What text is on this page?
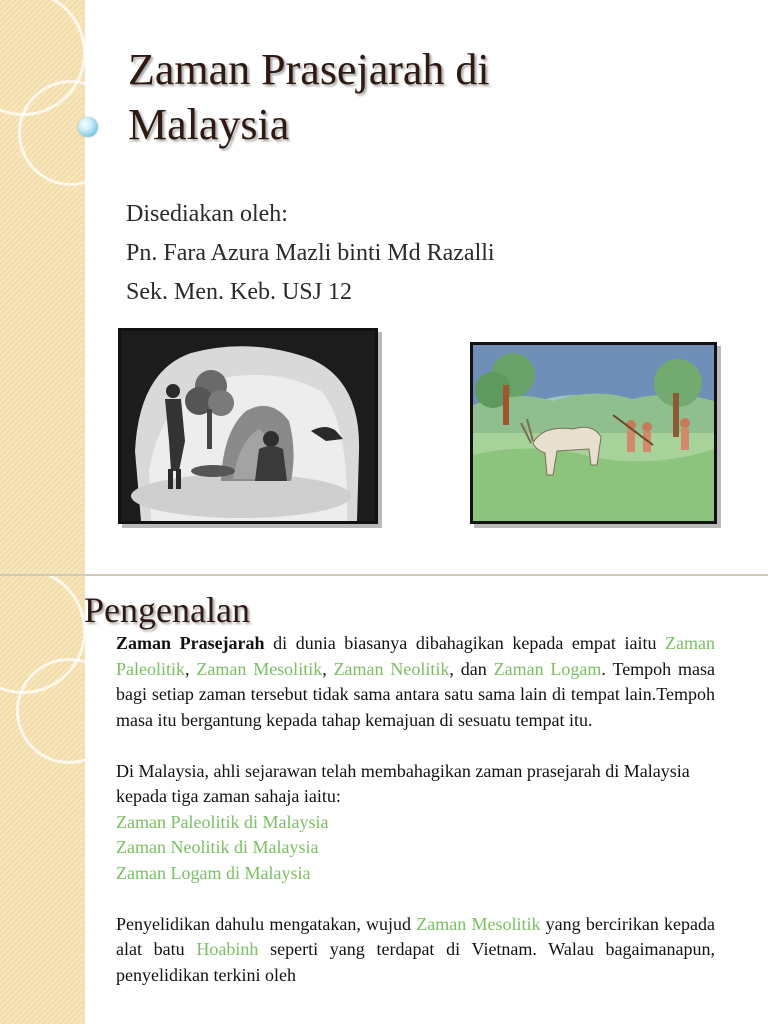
Zaman Prasejarah di
Malaysia
Disediakan oleh:
Pn. Fara Azura Mazli binti Md Razalli
Sek. Men. Keb. USJ 12
Pengenalan

Zaman Prasejarah di dunia biasanya dibahagikan kepada empat iaitu Zaman Paleolitik, Zaman Mesolitik, Zaman Neolitik, dan Zaman Logam. Tempoh masa bagi setiap zaman tersebut tidak sama antara satu sama lain di tempat lain.Tempoh masa itu bergantung kepada tahap kemajuan di sesuatu tempat itu.

Di Malaysia, ahli sejarawan telah membahagikan zaman prasejarah di Malaysia kepada tiga zaman sahaja iaitu:

Zaman Paleolitik di Malaysia

Zaman Neolitik di Malaysia

Zaman Logam di Malaysia

Penyelidikan dahulu mengatakan, wujud Zaman Mesolitik yang bercirikan kepada alat batu Hoabinh seperti yang terdapat di Vietnam. Walau bagaimanapun, penyelidikan terkini oleh
